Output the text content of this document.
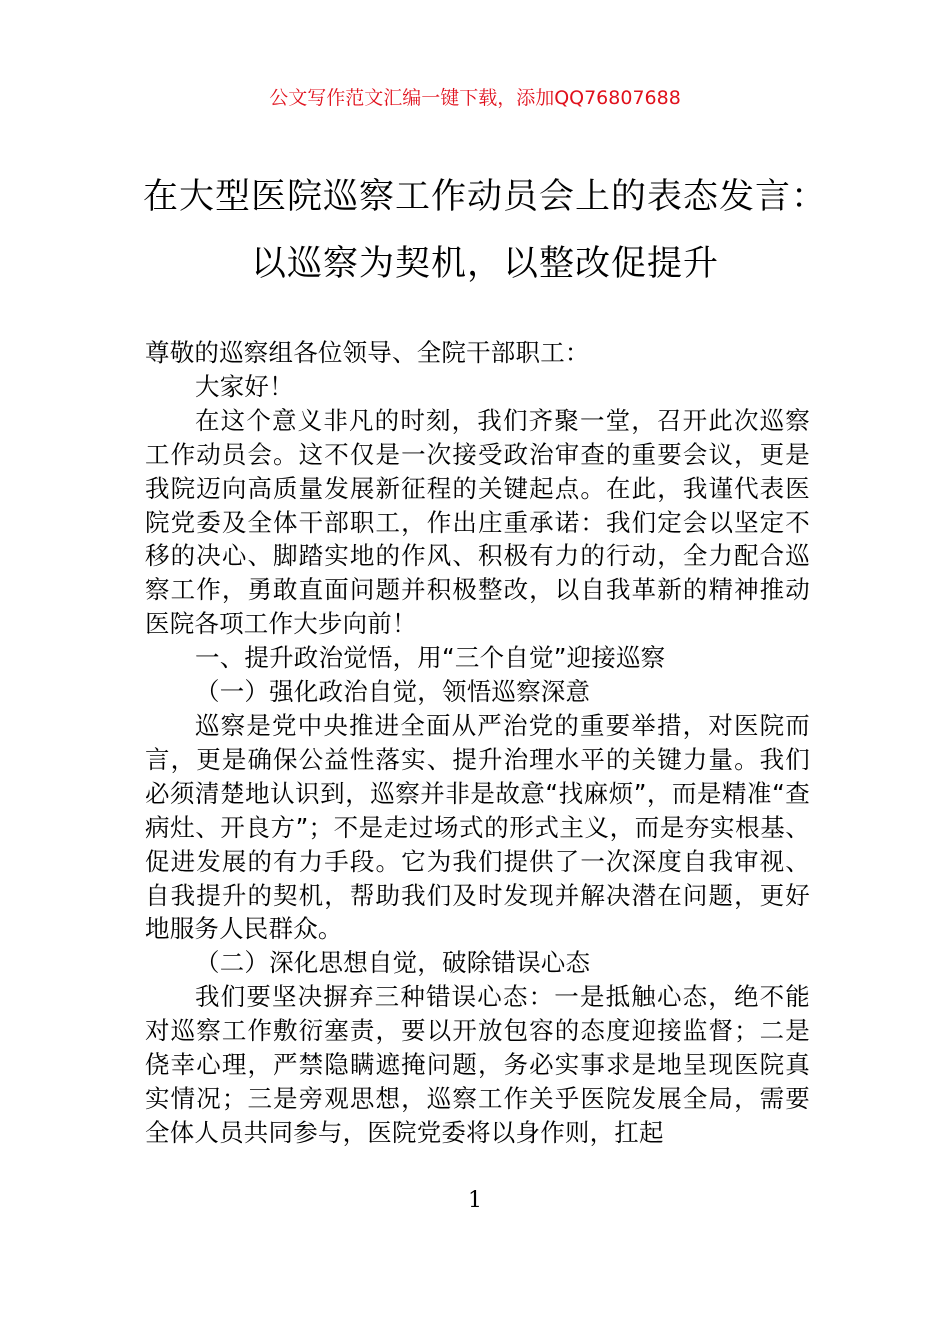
公文写作范文汇编一键下载，添加QQ76807688
在大型医院巡察工作动员会上的表态发言：
以巡察为契机，以整改促提升

尊敬的巡察组各位领导、全院干部职工：

大家好！

在这个意义非凡的时刻，我们齐聚一堂，召开此次巡察工作动员会。这不仅是一次接受政治审查的重要会议，更是我院迈向高质量发展新征程的关键起点。在此，我谨代表医院党委及全体干部职工，作出庄重承诺：我们定会以坚定不移的决心、脚踏实地的作风、积极有力的行动，全力配合巡察工作，勇敢直面问题并积极整改，以自我革新的精神推动医院各项工作大步向前！

一、提升政治觉悟，用“三个自觉”迎接巡察

（一）强化政治自觉，领悟巡察深意

巡察是党中央推进全面从严治党的重要举措，对医院而言，更是确保公益性落实、提升治理水平的关键力量。我们必须清楚地认识到，巡察并非是故意“找麻烦”，而是精准“查病灶、开良方”；不是走过场式的形式主义，而是夯实根基、促进发展的有力手段。它为我们提供了一次深度自我审视、自我提升的契机，帮助我们及时发现并解决潜在问题，更好地服务人民群众。

（二）深化思想自觉，破除错误心态

我们要坚决摒弃三种错误心态：一是抵触心态，绝不能对巡察工作敷衍塞责，要以开放包容的态度迎接监督；二是侥幸心理，严禁隐瞒遮掩问题，务必实事求是地呈现医院真实情况；三是旁观思想，巡察工作关乎医院发展全局，需要全体人员共同参与，医院党委将以身作则，扛起

1
